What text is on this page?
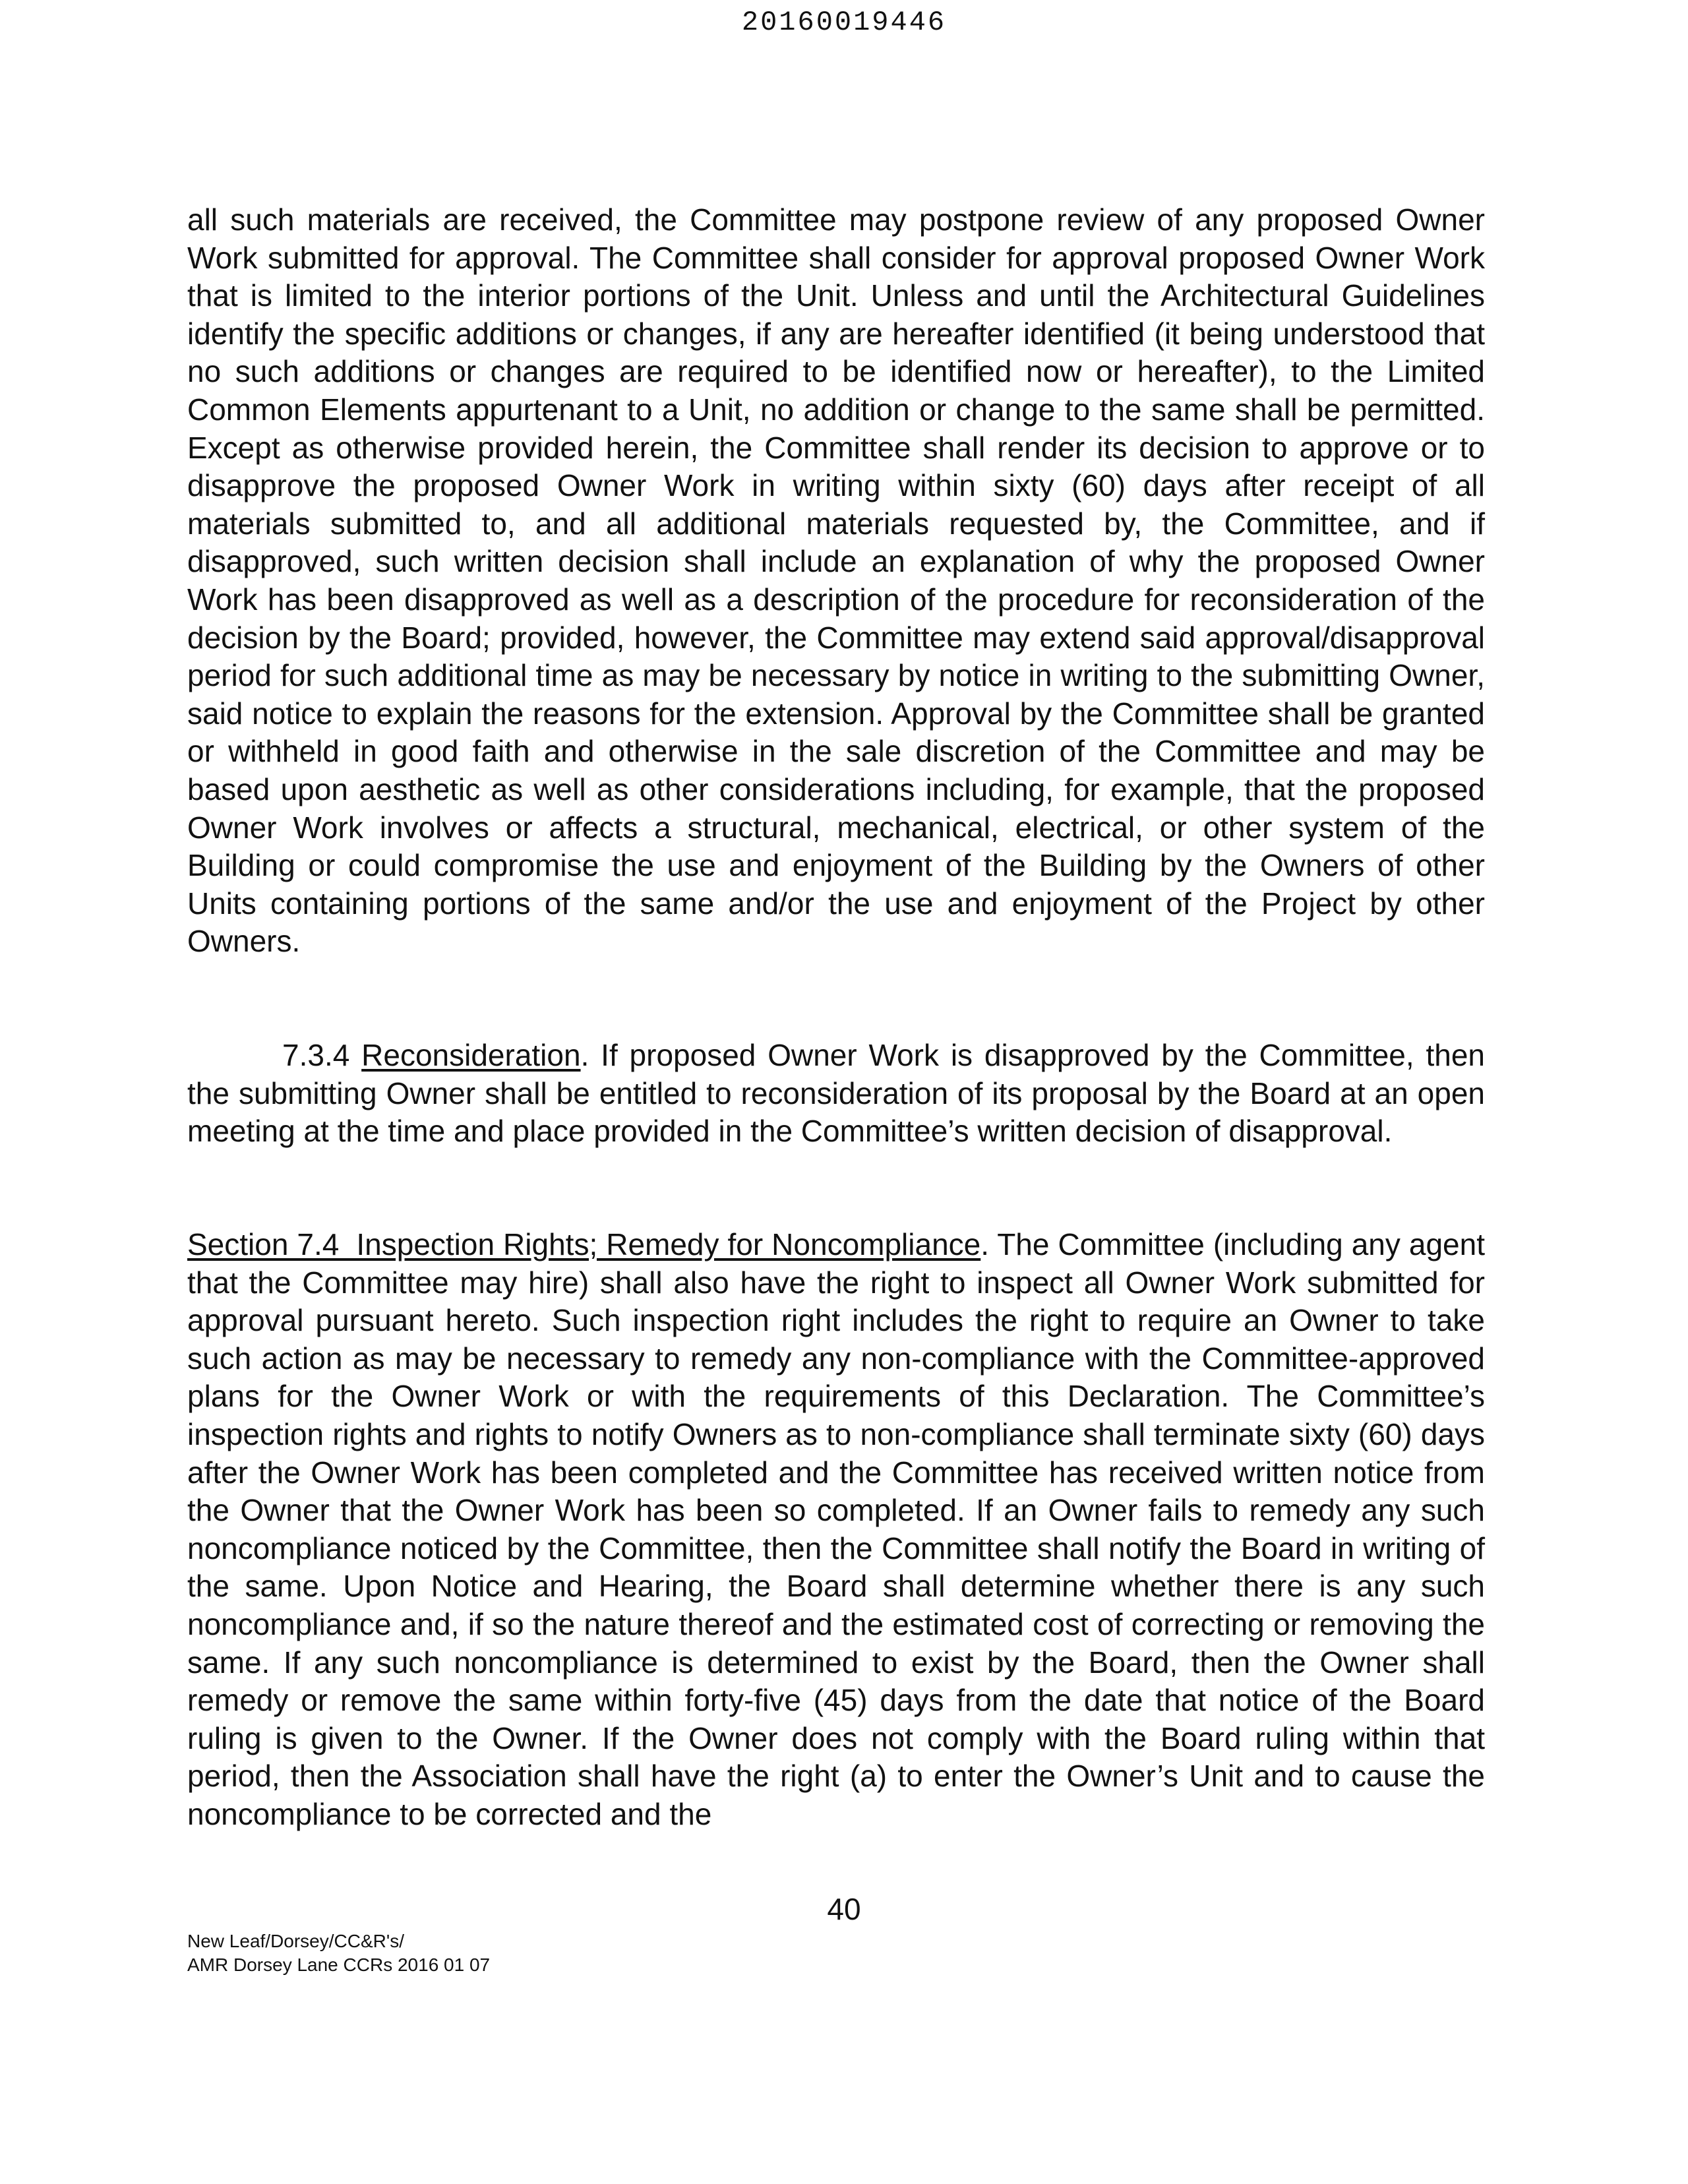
20160019446

all such materials are received, the Committee may postpone review of any proposed Owner Work submitted for approval. The Committee shall consider for approval proposed Owner Work that is limited to the interior portions of the Unit. Unless and until the Architectural Guidelines identify the specific additions or changes, if any are hereafter identified (it being understood that no such additions or changes are required to be identified now or hereafter), to the Limited Common Elements appurtenant to a Unit, no addition or change to the same shall be permitted. Except as otherwise provided herein, the Committee shall render its decision to approve or to disapprove the proposed Owner Work in writing within sixty (60) days after receipt of all materials submitted to, and all additional materials requested by, the Committee, and if disapproved, such written decision shall include an explanation of why the proposed Owner Work has been disapproved as well as a description of the procedure for reconsideration of the decision by the Board; provided, however, the Committee may extend said approval/disapproval period for such additional time as may be necessary by notice in writing to the submitting Owner, said notice to explain the reasons for the extension. Approval by the Committee shall be granted or withheld in good faith and otherwise in the sale discretion of the Committee and may be based upon aesthetic as well as other considerations including, for example, that the proposed Owner Work involves or affects a structural, mechanical, electrical, or other system of the Building or could compromise the use and enjoyment of the Building by the Owners of other Units containing portions of the same and/or the use and enjoyment of the Project by other Owners.

7.3.4 Reconsideration. If proposed Owner Work is disapproved by the Committee, then the submitting Owner shall be entitled to reconsideration of its proposal by the Board at an open meeting at the time and place provided in the Committee’s written decision of disapproval.

Section 7.4  Inspection Rights; Remedy for Noncompliance. The Committee (including any agent that the Committee may hire) shall also have the right to inspect all Owner Work submitted for approval pursuant hereto. Such inspection right includes the right to require an Owner to take such action as may be necessary to remedy any non-compliance with the Committee-approved plans for the Owner Work or with the requirements of this Declaration. The Committee’s inspection rights and rights to notify Owners as to non-compliance shall terminate sixty (60) days after the Owner Work has been completed and the Committee has received written notice from the Owner that the Owner Work has been so completed. If an Owner fails to remedy any such noncompliance noticed by the Committee, then the Committee shall notify the Board in writing of the same. Upon Notice and Hearing, the Board shall determine whether there is any such noncompliance and, if so the nature thereof and the estimated cost of correcting or removing the same. If any such noncompliance is determined to exist by the Board, then the Owner shall remedy or remove the same within forty-five (45) days from the date that notice of the Board ruling is given to the Owner. If the Owner does not comply with the Board ruling within that period, then the Association shall have the right (a) to enter the Owner’s Unit and to cause the noncompliance to be corrected and the

40

New Leaf/Dorsey/CC&R's/

AMR Dorsey Lane CCRs 2016 01 07
